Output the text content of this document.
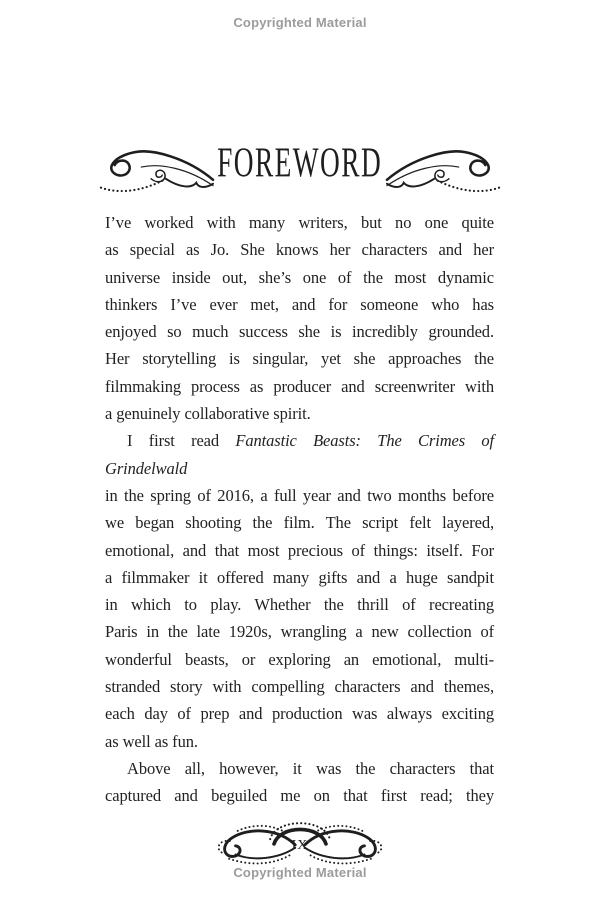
Copyrighted Material
FOREWORD
I’ve worked with many writers, but no one quite
as special as Jo. She knows her characters and her
universe inside out, she’s one of the most dynamic
thinkers I’ve ever met, and for someone who has
enjoyed so much success she is incredibly grounded.
Her storytelling is singular, yet she approaches the
filmmaking process as producer and screenwriter with
a genuinely collaborative spirit.
I first read Fantastic Beasts: The Crimes of Grindelwald
in the spring of 2016, a full year and two months before
we began shooting the film. The script felt layered,
emotional, and that most precious of things: itself. For
a filmmaker it offered many gifts and a huge sandpit
in which to play. Whether the thrill of recreating
Paris in the late 1920s, wrangling a new collection of
wonderful beasts, or exploring an emotional, multi-
stranded story with compelling characters and themes,
each day of prep and production was always exciting
as well as fun.
Above all, however, it was the characters that
captured and beguiled me on that first read; they
IX
Copyrighted Material
